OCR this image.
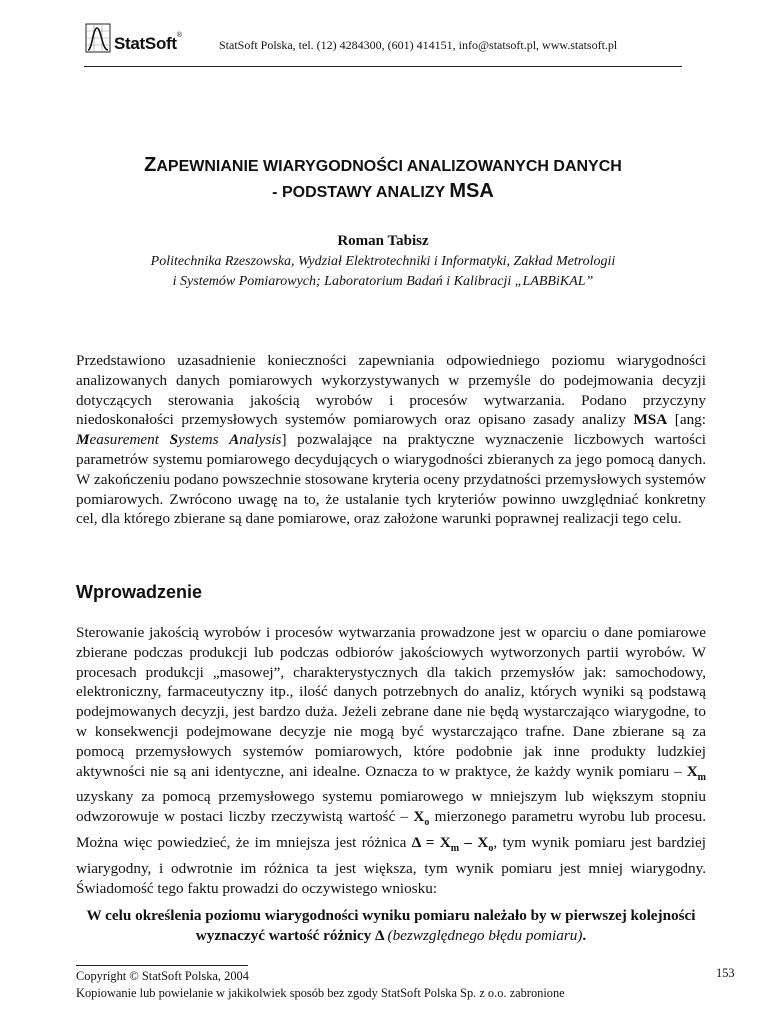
StatSoft®
StatSoft Polska, tel. (12) 4284300, (601) 414151, info@statsoft.pl, www.statsoft.pl
ZAPEWNIANIE WIARYGODNOŚCI ANALIZOWANYCH DANYCH
- PODSTAWY ANALIZY MSA
Roman Tabisz
Politechnika Rzeszowska, Wydział Elektrotechniki i Informatyki, Zakład Metrologii
i Systemów Pomiarowych; Laboratorium Badań i Kalibracji „LABBiKAL”
Przedstawiono uzasadnienie konieczności zapewniania odpowiedniego poziomu wiarygodności analizowanych danych pomiarowych wykorzystywanych w przemyśle do podejmowania decyzji dotyczących sterowania jakością wyrobów i procesów wytwarzania. Podano przyczyny niedoskonałości przemysłowych systemów pomiarowych oraz opisano zasady analizy MSA [ang: Measurement Systems Analysis] pozwalające na praktyczne wyznaczenie liczbowych wartości parametrów systemu pomiarowego decydujących o wiarygodności zbieranych za jego pomocą danych. W zakończeniu podano powszechnie stosowane kryteria oceny przydatności przemysłowych systemów pomiarowych. Zwrócono uwagę na to, że ustalanie tych kryteriów powinno uwzględniać konkretny cel, dla którego zbierane są dane pomiarowe, oraz założone warunki poprawnej realizacji tego celu.
Wprowadzenie
Sterowanie jakością wyrobów i procesów wytwarzania prowadzone jest w oparciu o dane pomiarowe zbierane podczas produkcji lub podczas odbiorów jakościowych wytworzonych partii wyrobów. W procesach produkcji „masowej”, charakterystycznych dla takich przemysłów jak: samochodowy, elektroniczny, farmaceutyczny itp., ilość danych potrzebnych do analiz, których wyniki są podstawą podejmowanych decyzji, jest bardzo duża. Jeżeli zebrane dane nie będą wystarczająco wiarygodne, to w konsekwencji podejmowane decyzje nie mogą być wystarczająco trafne. Dane zbierane są za pomocą przemysłowych systemów pomiarowych, które podobnie jak inne produkty ludzkiej aktywności nie są ani identyczne, ani idealne. Oznacza to w praktyce, że każdy wynik pomiaru – $X_m$ uzyskany za pomocą przemysłowego systemu pomiarowego w mniejszym lub większym stopniu odwzorowuje w postaci liczby rzeczywistą wartość – $X_o$ mierzonego parametru wyrobu lub procesu. Można więc powiedzieć, że im mniejsza jest różnica $\Delta = X_m - X_o$, tym wynik pomiaru jest bardziej wiarygodny, i odwrotnie im różnica ta jest większa, tym wynik pomiaru jest mniej wiarygodny. Świadomość tego faktu prowadzi do oczywistego wniosku:
W celu określenia poziomu wiarygodności wyniku pomiaru należało by w pierwszej kolejności wyznaczyć wartość różnicy Δ (bezwzględnego błędu pomiaru).
Copyright © StatSoft Polska, 2004
Kopiowanie lub powielanie w jakikolwiek sposób bez zgody StatSoft Polska Sp. z o.o. zabronione
153
